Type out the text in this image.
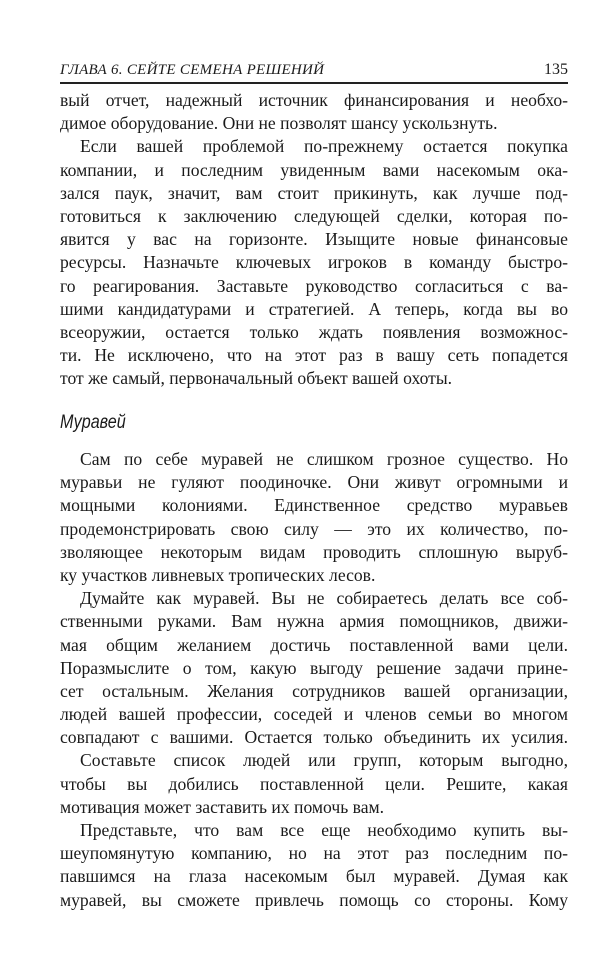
ГЛАВА 6. СЕЙТЕ СЕМЕНА РЕШЕНИЙ	135
вый отчет, надежный источник финансирования и необхо-
димое оборудование. Они не позволят шансу ускользнуть.
Если вашей проблемой по-прежнему остается покупка
компании, и последним увиденным вами насекомым ока-
зался паук, значит, вам стоит прикинуть, как лучше под-
готовиться к заключению следующей сделки, которая по-
явится у вас на горизонте. Изыщите новые финансовые
ресурсы. Назначьте ключевых игроков в команду быстро-
го реагирования. Заставьте руководство согласиться с ва-
шими кандидатурами и стратегией. А теперь, когда вы во
всеоружии, остается только ждать появления возможнос-
ти. Не исключено, что на этот раз в вашу сеть попадется
тот же самый, первоначальный объект вашей охоты.
Муравей
Сам по себе муравей не слишком грозное существо. Но
муравьи не гуляют поодиночке. Они живут огромными и
мощными колониями. Единственное средство муравьев
продемонстрировать свою силу — это их количество, по-
зволяющее некоторым видам проводить сплошную выруб-
ку участков ливневых тропических лесов.
Думайте как муравей. Вы не собираетесь делать все соб-
ственными руками. Вам нужна армия помощников, движи-
мая общим желанием достичь поставленной вами цели.
Поразмыслите о том, какую выгоду решение задачи прине-
сет остальным. Желания сотрудников вашей организации,
людей вашей профессии, соседей и членов семьи во многом
совпадают с вашими. Остается только объединить их усилия.
Составьте список людей или групп, которым выгодно,
чтобы вы добились поставленной цели. Решите, какая
мотивация может заставить их помочь вам.
Представьте, что вам все еще необходимо купить вы-
шеупомянутую компанию, но на этот раз последним по-
павшимся на глаза насекомым был муравей. Думая как
муравей, вы сможете привлечь помощь со стороны. Кому
